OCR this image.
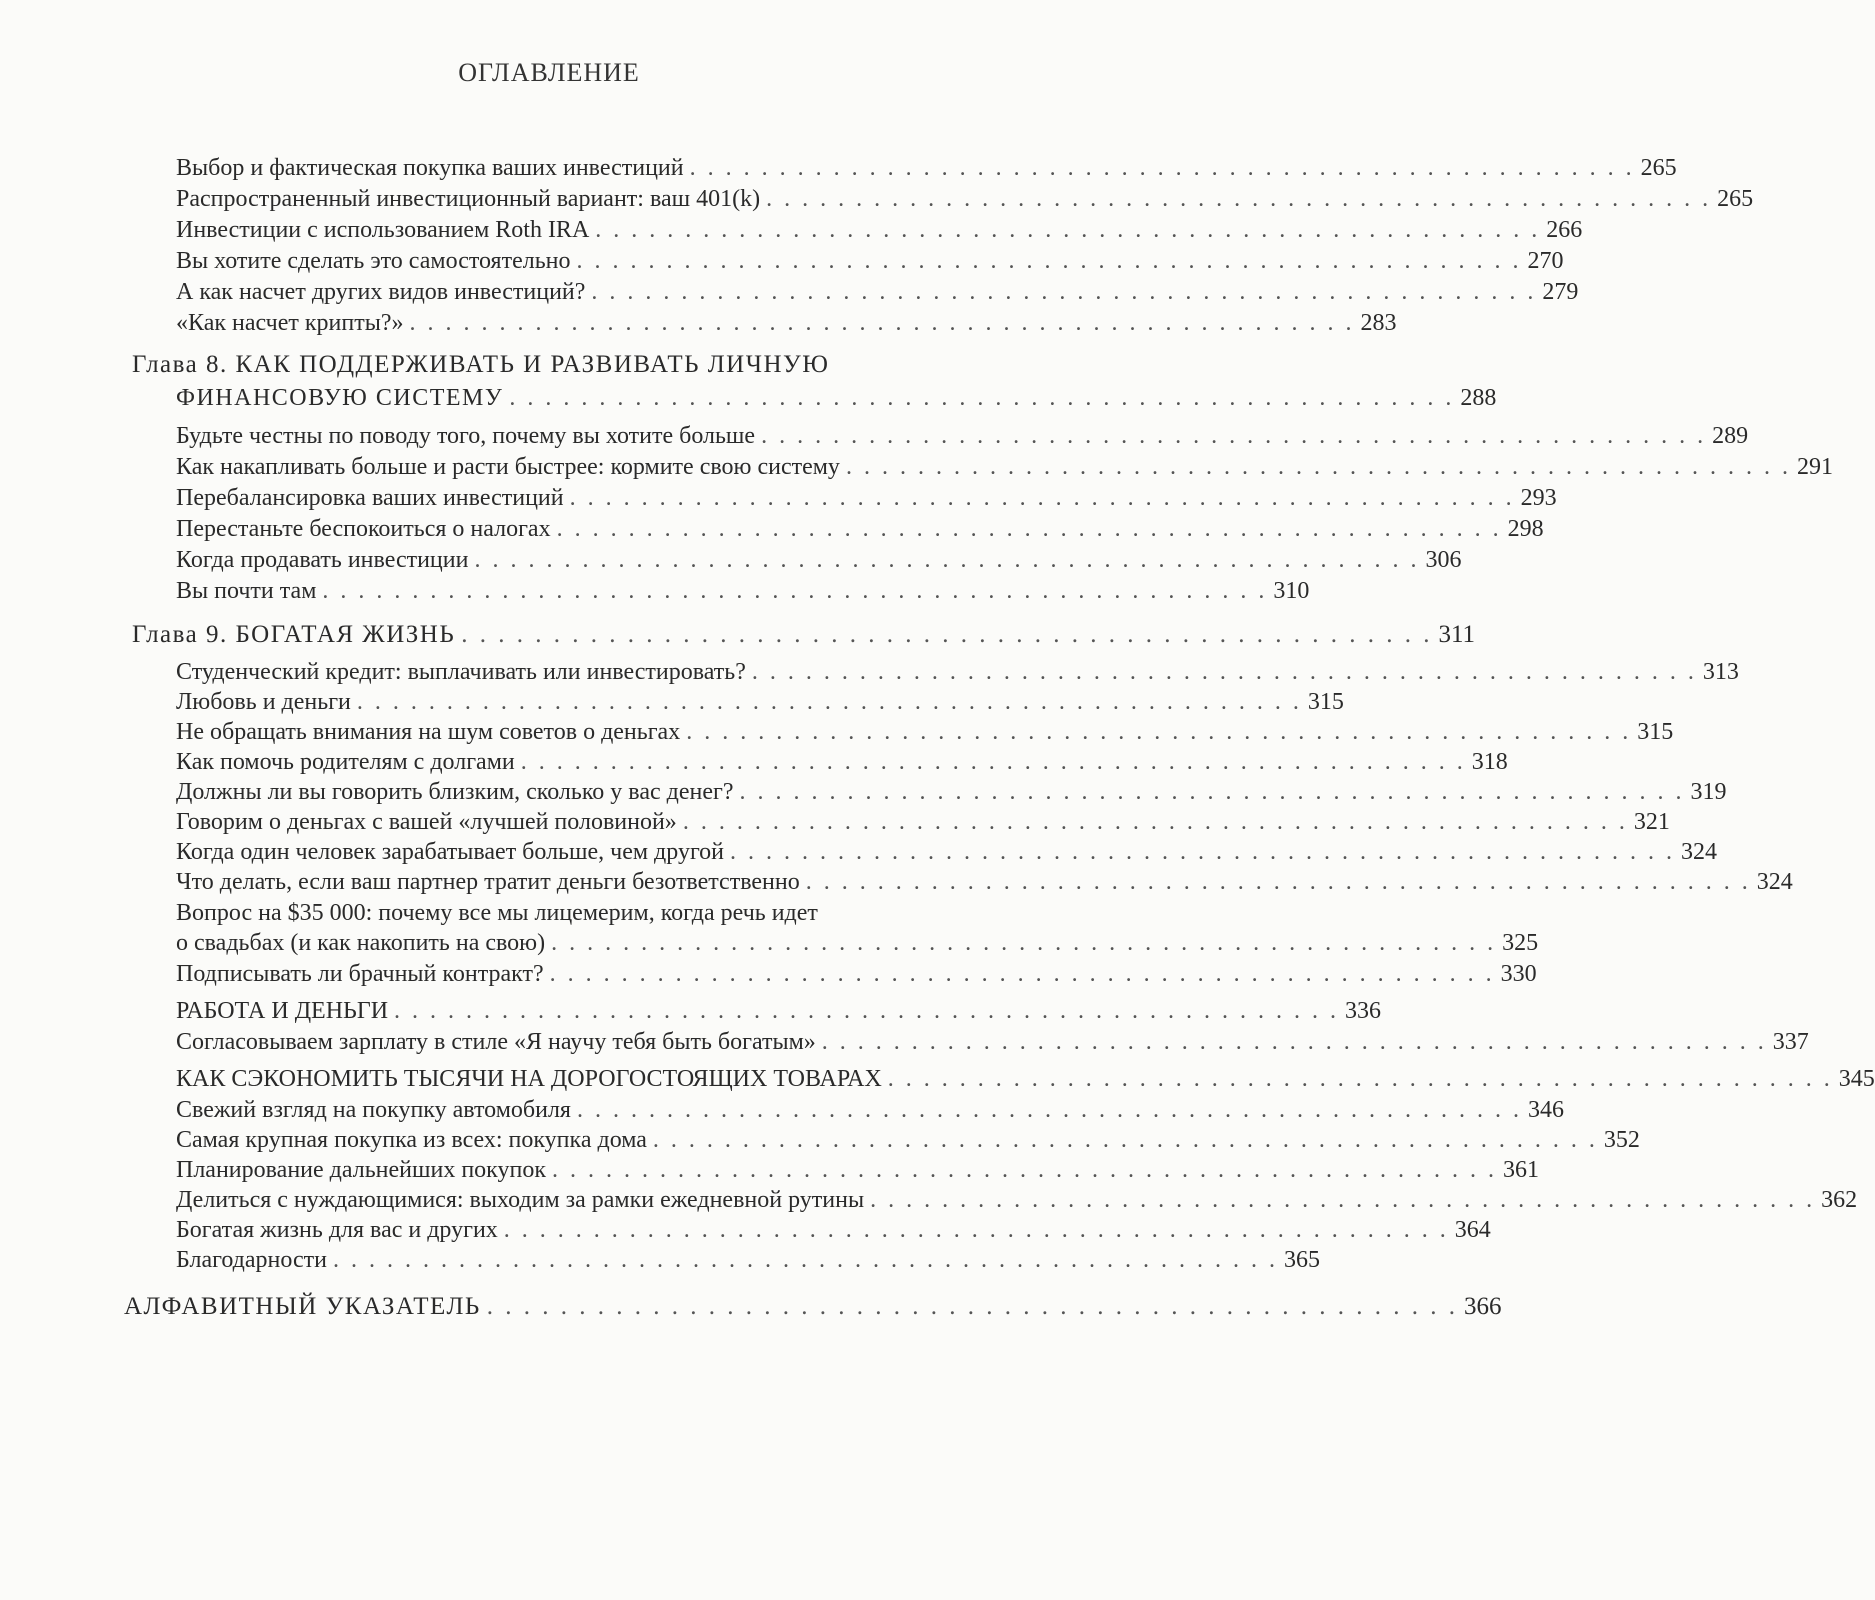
ОГЛАВЛЕНИЕ
Выбор и фактическая покупка ваших инвестиций . . . . . . . . . . . . . . . . . . . . . . . . . . . . . . . . . . . . . . . . . . . . . . . . . . . . . 265
Распространенный инвестиционный вариант: ваш 401(k) . . . . . . . . . . . . . . . . . . . . . . . . . . . . . . . . . . . . . . . . . . . . . . . . . . . . . 265
Инвестиции с использованием Roth IRA . . . . . . . . . . . . . . . . . . . . . . . . . . . . . . . . . . . . . . . . . . . . . . . . . . . . . 266
Вы хотите сделать это самостоятельно . . . . . . . . . . . . . . . . . . . . . . . . . . . . . . . . . . . . . . . . . . . . . . . . . . . . . 270
А как насчет других видов инвестиций? . . . . . . . . . . . . . . . . . . . . . . . . . . . . . . . . . . . . . . . . . . . . . . . . . . . . . 279
«Как насчет крипты?» . . . . . . . . . . . . . . . . . . . . . . . . . . . . . . . . . . . . . . . . . . . . . . . . . . . . . 283
Глава 8. КАК ПОДДЕРЖИВАТЬ И РАЗВИВАТЬ ЛИЧНУЮ
ФИНАНСОВУЮ СИСТЕМУ . . . . . . . . . . . . . . . . . . . . . . . . . . . . . . . . . . . . . . . . . . . . . . . . . . . . . 288
Будьте честны по поводу того, почему вы хотите больше . . . . . . . . . . . . . . . . . . . . . . . . . . . . . . . . . . . . . . . . . . . . . . . . . . . . . 289
Как накапливать больше и расти быстрее: кормите свою систему . . . . . . . . . . . . . . . . . . . . . . . . . . . . . . . . . . . . . . . . . . . . . . . . . . . . . 291
Перебалансировка ваших инвестиций . . . . . . . . . . . . . . . . . . . . . . . . . . . . . . . . . . . . . . . . . . . . . . . . . . . . . 293
Перестаньте беспокоиться о налогах . . . . . . . . . . . . . . . . . . . . . . . . . . . . . . . . . . . . . . . . . . . . . . . . . . . . . 298
Когда продавать инвестиции . . . . . . . . . . . . . . . . . . . . . . . . . . . . . . . . . . . . . . . . . . . . . . . . . . . . . 306
Вы почти там . . . . . . . . . . . . . . . . . . . . . . . . . . . . . . . . . . . . . . . . . . . . . . . . . . . . . 310
Глава 9. БОГАТАЯ ЖИЗНЬ . . . . . . . . . . . . . . . . . . . . . . . . . . . . . . . . . . . . . . . . . . . . . . . . . . . . . 311
Студенческий кредит: выплачивать или инвестировать? . . . . . . . . . . . . . . . . . . . . . . . . . . . . . . . . . . . . . . . . . . . . . . . . . . . . . 313
Любовь и деньги . . . . . . . . . . . . . . . . . . . . . . . . . . . . . . . . . . . . . . . . . . . . . . . . . . . . . 315
Не обращать внимания на шум советов о деньгах . . . . . . . . . . . . . . . . . . . . . . . . . . . . . . . . . . . . . . . . . . . . . . . . . . . . . 315
Как помочь родителям с долгами . . . . . . . . . . . . . . . . . . . . . . . . . . . . . . . . . . . . . . . . . . . . . . . . . . . . . 318
Должны ли вы говорить близким, сколько у вас денег? . . . . . . . . . . . . . . . . . . . . . . . . . . . . . . . . . . . . . . . . . . . . . . . . . . . . . 319
Говорим о деньгах с вашей «лучшей половиной» . . . . . . . . . . . . . . . . . . . . . . . . . . . . . . . . . . . . . . . . . . . . . . . . . . . . . 321
Когда один человек зарабатывает больше, чем другой . . . . . . . . . . . . . . . . . . . . . . . . . . . . . . . . . . . . . . . . . . . . . . . . . . . . . 324
Что делать, если ваш партнер тратит деньги безответственно . . . . . . . . . . . . . . . . . . . . . . . . . . . . . . . . . . . . . . . . . . . . . . . . . . . . . 324
Вопрос на $35 000: почему все мы лицемерим, когда речь идет
о свадьбах (и как накопить на свою) . . . . . . . . . . . . . . . . . . . . . . . . . . . . . . . . . . . . . . . . . . . . . . . . . . . . . 325
Подписывать ли брачный контракт? . . . . . . . . . . . . . . . . . . . . . . . . . . . . . . . . . . . . . . . . . . . . . . . . . . . . . 330
РАБОТА И ДЕНЬГИ . . . . . . . . . . . . . . . . . . . . . . . . . . . . . . . . . . . . . . . . . . . . . . . . . . . . . 336
Согласовываем зарплату в стиле «Я научу тебя быть богатым» . . . . . . . . . . . . . . . . . . . . . . . . . . . . . . . . . . . . . . . . . . . . . . . . . . . . . 337
КАК СЭКОНОМИТЬ ТЫСЯЧИ НА ДОРОГОСТОЯЩИХ ТОВАРАХ . . . . . . . . . . . . . . . . . . . . . . . . . . . . . . . . . . . . . . . . . . . . . . . . . . . . . 345
Свежий взгляд на покупку автомобиля . . . . . . . . . . . . . . . . . . . . . . . . . . . . . . . . . . . . . . . . . . . . . . . . . . . . . 346
Самая крупная покупка из всех: покупка дома . . . . . . . . . . . . . . . . . . . . . . . . . . . . . . . . . . . . . . . . . . . . . . . . . . . . . 352
Планирование дальнейших покупок . . . . . . . . . . . . . . . . . . . . . . . . . . . . . . . . . . . . . . . . . . . . . . . . . . . . . 361
Делиться с нуждающимися: выходим за рамки ежедневной рутины . . . . . . . . . . . . . . . . . . . . . . . . . . . . . . . . . . . . . . . . . . . . . . . . . . . . . 362
Богатая жизнь для вас и других . . . . . . . . . . . . . . . . . . . . . . . . . . . . . . . . . . . . . . . . . . . . . . . . . . . . . 364
Благодарности . . . . . . . . . . . . . . . . . . . . . . . . . . . . . . . . . . . . . . . . . . . . . . . . . . . . . 365
АЛФАВИТНЫЙ УКАЗАТЕЛЬ . . . . . . . . . . . . . . . . . . . . . . . . . . . . . . . . . . . . . . . . . . . . . . . . . . . . . 366
